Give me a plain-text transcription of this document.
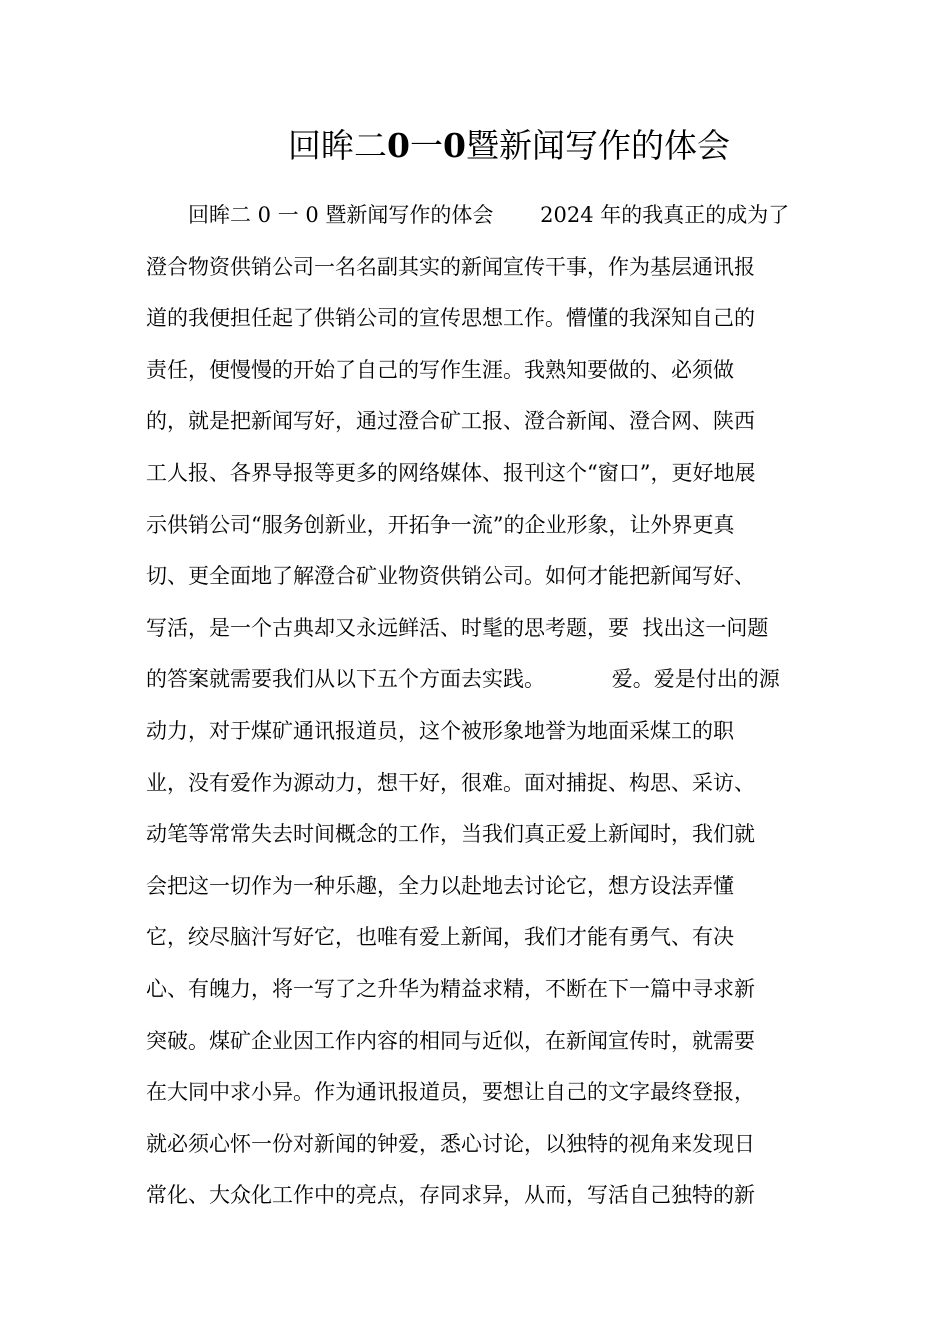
回眸二0一0暨新闻写作的体会
回眸二 0 一 0 暨新闻写作的体会       2024 年的我真正的成为了
澄合物资供销公司一名名副其实的新闻宣传干事，作为基层通讯报
道的我便担任起了供销公司的宣传思想工作。懵懂的我深知自己的
责任，便慢慢的开始了自己的写作生涯。我熟知要做的、必须做
的，就是把新闻写好，通过澄合矿工报、澄合新闻、澄合网、陕西
工人报、各界导报等更多的网络媒体、报刊这个“窗口”，更好地展
示供销公司“服务创新业，开拓争一流”的企业形象，让外界更真
切、更全面地了解澄合矿业物资供销公司。如何才能把新闻写好、
写活，是一个古典却又永远鲜活、时髦的思考题，要  找出这一问题
的答案就需要我们从以下五个方面去实践。          爱。爱是付出的源
动力，对于煤矿通讯报道员，这个被形象地誉为地面采煤工的职
业，没有爱作为源动力，想干好，很难。面对捕捉、构思、采访、
动笔等常常失去时间概念的工作，当我们真正爱上新闻时，我们就
会把这一切作为一种乐趣，全力以赴地去讨论它，想方设法弄懂
它，绞尽脑汁写好它，也唯有爱上新闻，我们才能有勇气、有决
心、有魄力，将一写了之升华为精益求精，不断在下一篇中寻求新
突破。煤矿企业因工作内容的相同与近似，在新闻宣传时，就需要
在大同中求小异。作为通讯报道员，要想让自己的文字最终登报，
就必须心怀一份对新闻的钟爱，悉心讨论，以独特的视角来发现日
常化、大众化工作中的亮点，存同求异，从而，写活自己独特的新
